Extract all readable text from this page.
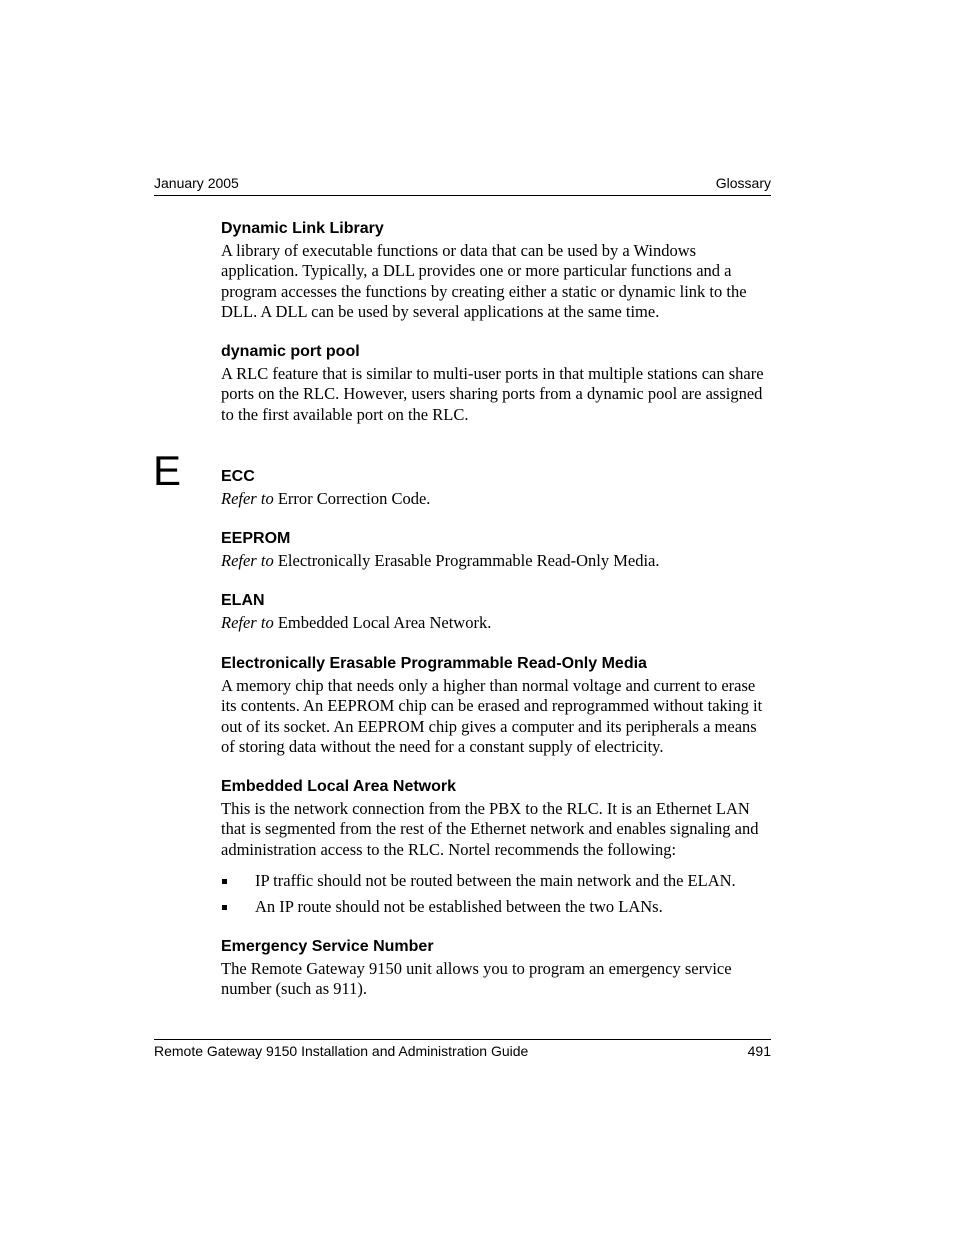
January 2005	Glossary
Dynamic Link Library

A library of executable functions or data that can be used by a Windows application. Typically, a DLL provides one or more particular functions and a program accesses the functions by creating either a static or dynamic link to the DLL. A DLL can be used by several applications at the same time.

dynamic port pool

A RLC feature that is similar to multi-user ports in that multiple stations can share ports on the RLC. However, users sharing ports from a dynamic pool are assigned to the first available port on the RLC.

E ECC

Refer to Error Correction Code.

EEPROM

Refer to Electronically Erasable Programmable Read-Only Media.

ELAN

Refer to Embedded Local Area Network.

Electronically Erasable Programmable Read-Only Media

A memory chip that needs only a higher than normal voltage and current to erase its contents. An EEPROM chip can be erased and reprogrammed without taking it out of its socket. An EEPROM chip gives a computer and its peripherals a means of storing data without the need for a constant supply of electricity.

Embedded Local Area Network

This is the network connection from the PBX to the RLC. It is an Ethernet LAN that is segmented from the rest of the Ethernet network and enables signaling and administration access to the RLC. Nortel recommends the following:

IP traffic should not be routed between the main network and the ELAN.
An IP route should not be established between the two LANs.
Emergency Service Number

The Remote Gateway 9150 unit allows you to program an emergency service number (such as 911).

Remote Gateway 9150 Installation and Administration Guide	491
